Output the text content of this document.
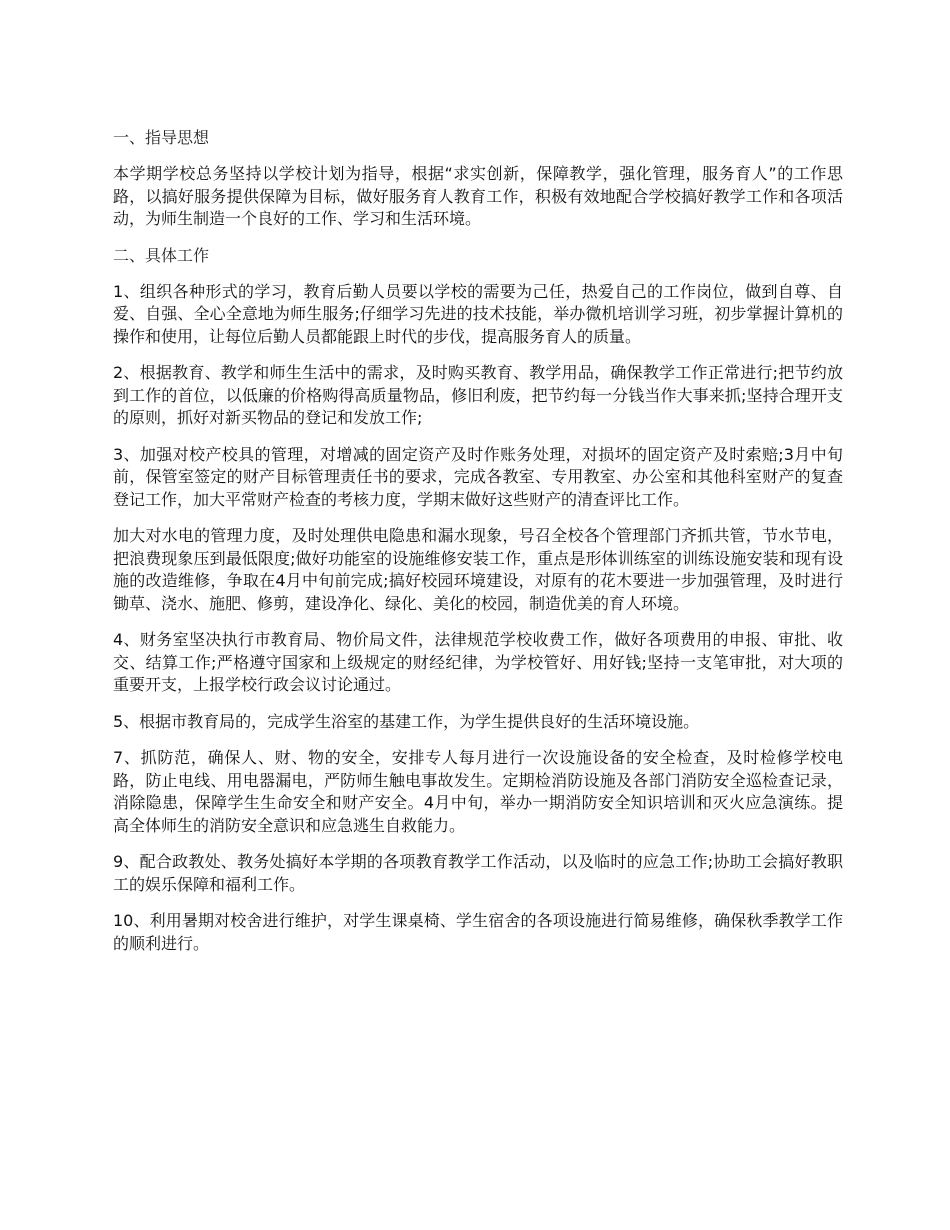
一、指导思想

本学期学校总务坚持以学校计划为指导，根据“求实创新，保障教学，强化管理，服务育人”的工作思路，以搞好服务提供保障为目标，做好服务育人教育工作，积极有效地配合学校搞好教学工作和各项活动，为师生制造一个良好的工作、学习和生活环境。

二、具体工作

1、组织各种形式的学习，教育后勤人员要以学校的需要为己任，热爱自己的工作岗位，做到自尊、自爱、自强、全心全意地为师生服务;仔细学习先进的技术技能，举办微机培训学习班，初步掌握计算机的操作和使用，让每位后勤人员都能跟上时代的步伐，提高服务育人的质量。

2、根据教育、教学和师生生活中的需求，及时购买教育、教学用品，确保教学工作正常进行;把节约放到工作的首位，以低廉的价格购得高质量物品，修旧利废，把节约每一分钱当作大事来抓;坚持合理开支的原则，抓好对新买物品的登记和发放工作;

3、加强对校产校具的管理，对增减的固定资产及时作账务处理，对损坏的固定资产及时索赔;3月中旬前，保管室签定的财产目标管理责任书的要求，完成各教室、专用教室、办公室和其他科室财产的复查登记工作，加大平常财产检查的考核力度，学期末做好这些财产的清查评比工作。

加大对水电的管理力度，及时处理供电隐患和漏水现象，号召全校各个管理部门齐抓共管，节水节电，把浪费现象压到最低限度;做好功能室的设施维修安装工作，重点是形体训练室的训练设施安装和现有设施的改造维修，争取在4月中旬前完成;搞好校园环境建设，对原有的花木要进一步加强管理，及时进行锄草、浇水、施肥、修剪，建设净化、绿化、美化的校园，制造优美的育人环境。

4、财务室坚决执行市教育局、物价局文件，法律规范学校收费工作，做好各项费用的申报、审批、收交、结算工作;严格遵守国家和上级规定的财经纪律，为学校管好、用好钱;坚持一支笔审批，对大项的重要开支，上报学校行政会议讨论通过。

5、根据市教育局的，完成学生浴室的基建工作，为学生提供良好的生活环境设施。

7、抓防范，确保人、财、物的安全，安排专人每月进行一次设施设备的安全检查，及时检修学校电路，防止电线、用电器漏电，严防师生触电事故发生。定期检消防设施及各部门消防安全巡检查记录，消除隐患，保障学生生命安全和财产安全。4月中旬，举办一期消防安全知识培训和灭火应急演练。提高全体师生的消防安全意识和应急逃生自救能力。

9、配合政教处、教务处搞好本学期的各项教育教学工作活动，以及临时的应急工作;协助工会搞好教职工的娱乐保障和福利工作。

10、利用暑期对校舍进行维护，对学生课桌椅、学生宿舍的各项设施进行简易维修，确保秋季教学工作的顺利进行。
